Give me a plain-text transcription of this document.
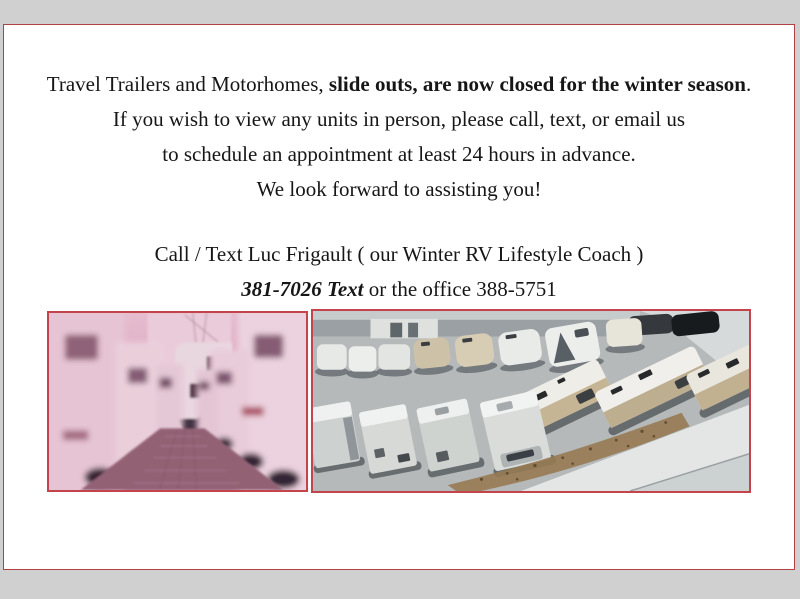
Travel Trailers and Motorhomes, slide outs, are now closed for the winter season.
If you wish to view any units in person, please call, text, or email us
to schedule an appointment at least 24 hours in advance.
We look forward to assisting you!
Call / Text Luc Frigault ( our Winter RV Lifestyle Coach )
381-7026 Text or the office 388-5751
